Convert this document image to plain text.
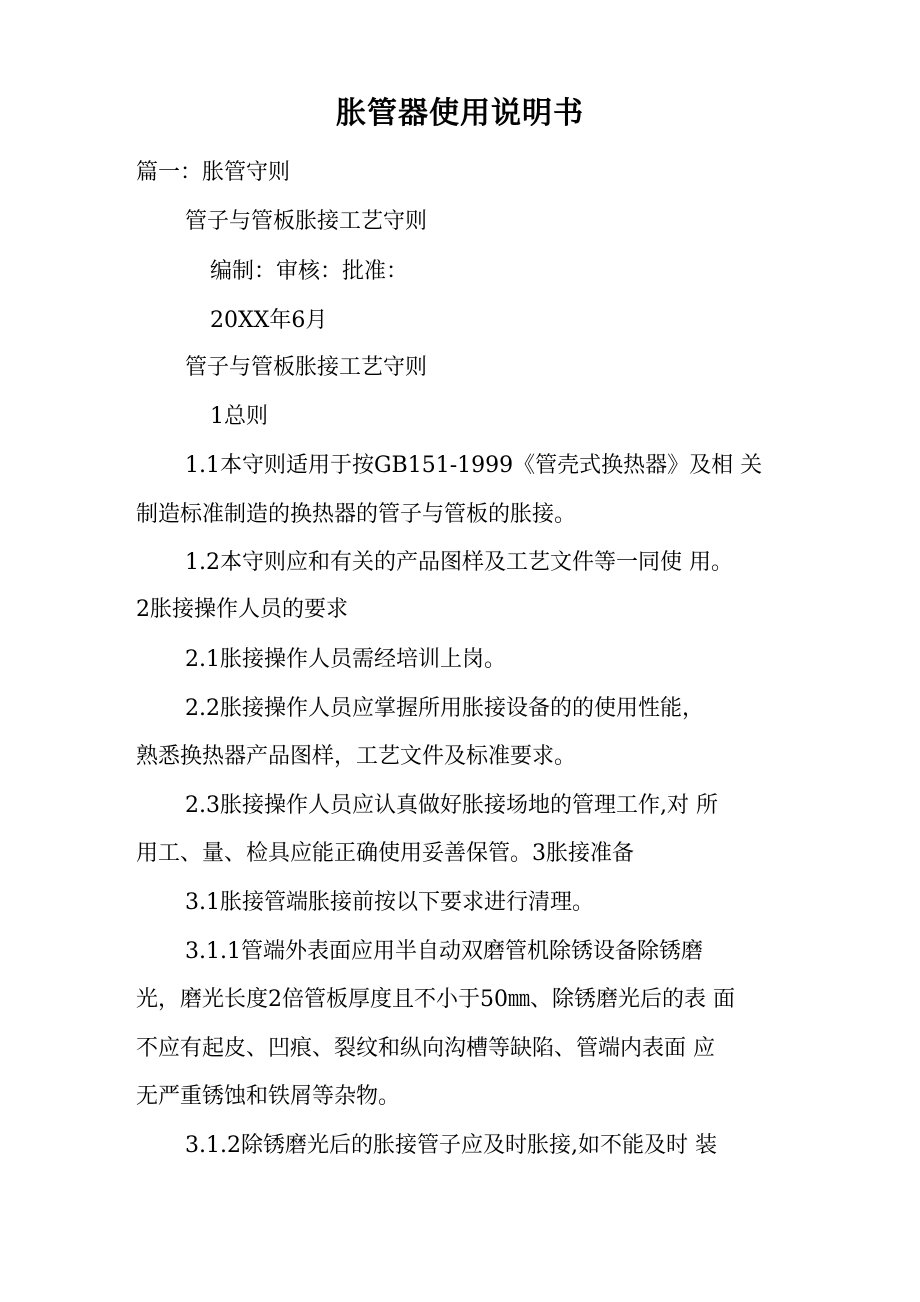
胀管器使用说明书
篇一：胀管守则
管子与管板胀接工艺守则
编制：审核：批准：
20XX年6月
管子与管板胀接工艺守则
1总则
1.1本守则适用于按GB151-1999《管壳式换热器》及相 关
制造标准制造的换热器的管子与管板的胀接。
1.2本守则应和有关的产品图样及工艺文件等一同使 用。
2胀接操作人员的要求
2.1胀接操作人员需经培训上岗。
2.2胀接操作人员应掌握所用胀接设备的的使用性能，
熟悉换热器产品图样，工艺文件及标准要求。
2.3胀接操作人员应认真做好胀接场地的管理工作,对 所
用工、量、检具应能正确使用妥善保管。3胀接准备
3.1胀接管端胀接前按以下要求进行清理。
3.1.1管端外表面应用半自动双磨管机除锈设备除锈磨
光，磨光长度2倍管板厚度且不小于50㎜、除锈磨光后的表 面
不应有起皮、凹痕、裂纹和纵向沟槽等缺陷、管端内表面 应
无严重锈蚀和铁屑等杂物。
3.1.2除锈磨光后的胀接管子应及时胀接,如不能及时 装
